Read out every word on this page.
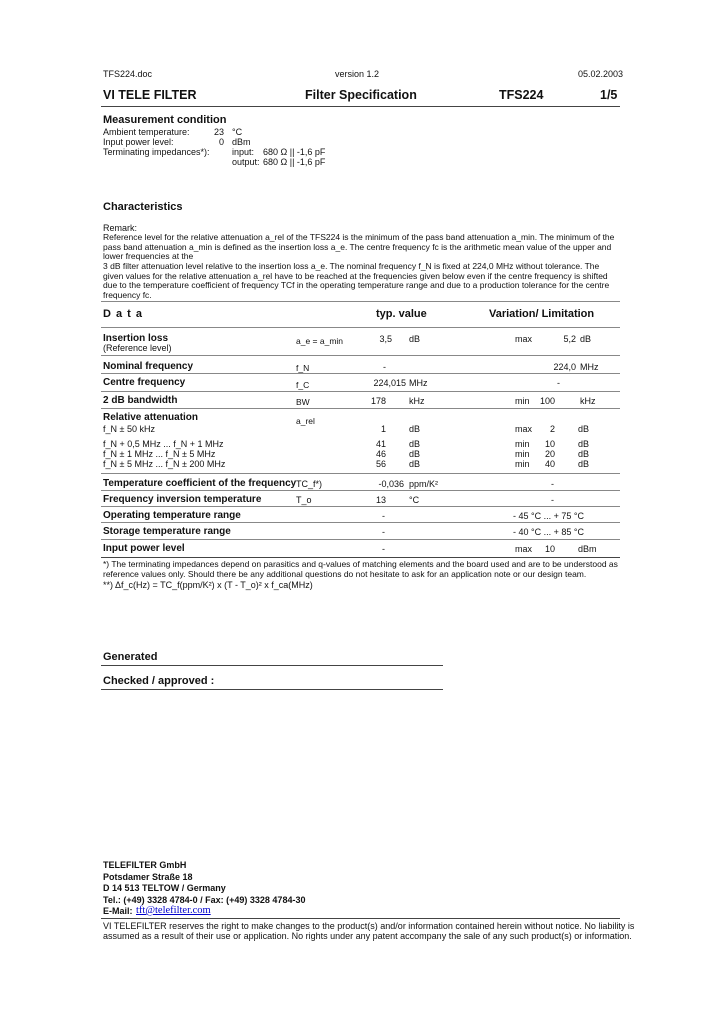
TFS224.doc	version 1.2	05.02.2003
VI TELE FILTER	Filter Specification	TFS224	1/5
Measurement condition
Ambient temperature:	23 °C
Input power level:	0 dBm
Terminating impedances*): input: 680 Ω || -1,6 pF
output: 680 Ω || -1,6 pF
Characteristics
Remark:
Reference level for the relative attenuation a_rel of the TFS224 is the minimum of the pass band attenuation a_min. The minimum of the pass band attenuation a_min is defined as the insertion loss a_e. The centre frequency fc is the arithmetic mean value of the upper and lower frequencies at the
3 dB filter attenuation level relative to the insertion loss a_e. The nominal frequency f_N is fixed at 224,0 MHz without tolerance. The given values for the relative attenuation a_rel have to be reached at the frequencies given below even if the centre frequency is shifted due to the temperature coefficient of frequency TCf in the operating temperature range and due to a production tolerance for the centre frequency fc.
D a t a	typ. value	Variation/ Limitation
Insertion loss
(Reference level)
a_e = a_min	3,5 dB	max	5,2 dB
Nominal frequency	f_N	-	224,0 MHz
Centre frequency	f_C	224,015 MHz	-
2 dB bandwidth	BW	178	kHz	min	100	kHz
Relative attenuation	a_rel
f_N ± 50 kHz	1	dB	max	2	dB
f_N + 0,5 MHz ... f_N + 1 MHz	41	dB	min	10	dB
f_N ± 1 MHz ... f_N ± 5 MHz	46	dB	min	20	dB
f_N ± 5 MHz ... f_N ± 200 MHz	56	dB	min	40	dB
Temperature coefficient of the frequency TC_f*)	-0,036 ppm/K²	-
Frequency inversion temperature	T_o	13	°C	-
Operating temperature range	-	- 45 °C ... + 75 °C
Storage temperature range	-	- 40 °C ... + 85 °C
Input power level	-	max	10	dBm
*) The terminating impedances depend on parasitics and q-values of matching elements and the board used and are to be understood as reference values only. Should there be any additional questions do not hesitate to ask for an application note or our design team.
**) Δf_c(Hz) = TC_f(ppm/K²) x (T - T_o)² x f_ca(MHz)
Generated
Checked / approved :
TELEFILTER GmbH
Potsdamer Straße 18
D 14 513 TELTOW / Germany
Tel.: (+49) 3328 4784-0 / Fax: (+49) 3328 4784-30
E-Mail: tft@telefilter.com
VI TELEFILTER reserves the right to make changes to the product(s) and/or information contained herein without notice. No liability is
assumed as a result of their use or application. No rights under any patent accompany the sale of any such product(s) or information.
